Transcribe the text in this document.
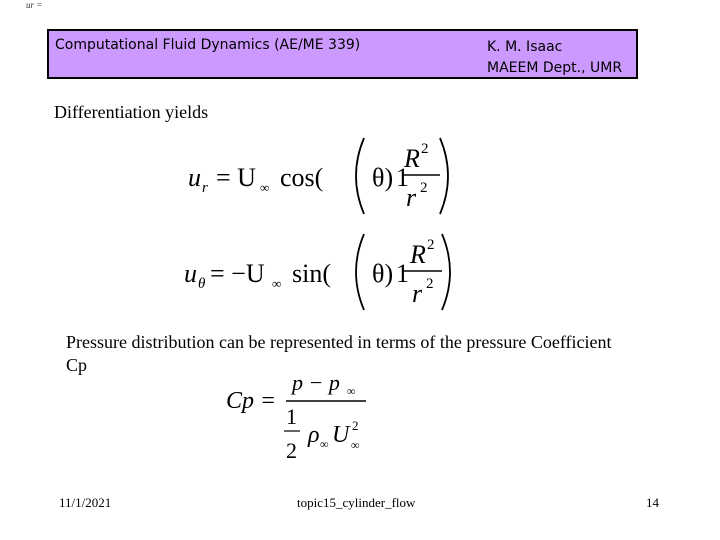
ur =
Computational Fluid Dynamics (AE/ME 339)	K. M. Isaac
MAEEM Dept., UMR
Differentiation yields
u r = U ∞ cos( θ) 1
R 2
r 2
u θ = −U ∞ sin( θ) 1
R 2
r 2
Pressure distribution can be represented in terms of the pressure Coefficient Cp
Cp =
p − p ∞
1
2
ρ ∞ U 2
∞
11/1/2021	topic15_cylinder_flow	14
